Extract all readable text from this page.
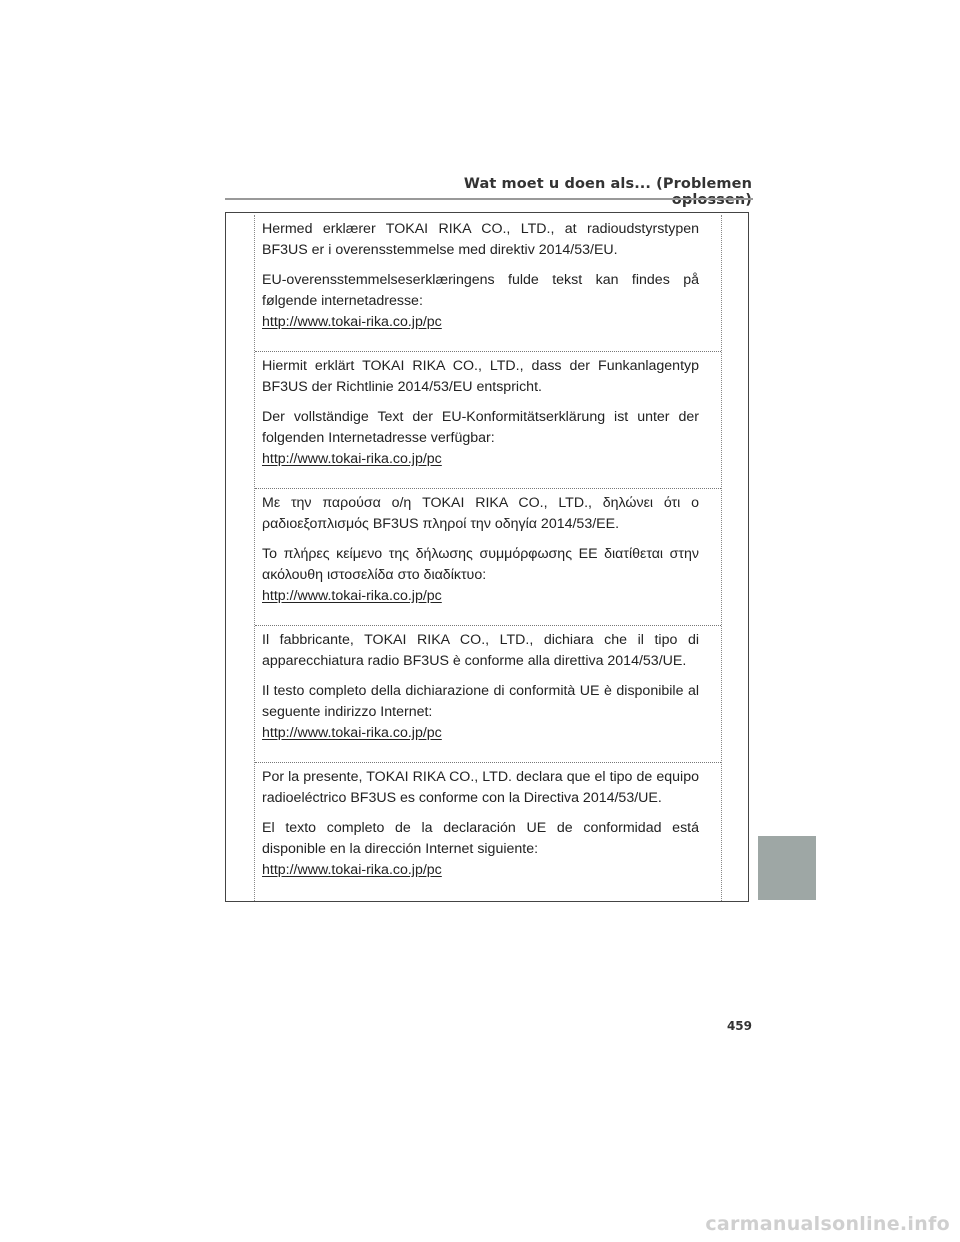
Wat moet u doen als... (Problemen oplossen)

Hermed erklærer TOKAI RIKA CO., LTD., at radioudstyrstypen BF3US er i overensstemmelse med direktiv 2014/53/EU.

EU-overensstemmelseserklæringens fulde tekst kan findes på følgende internetadresse:

http://www.tokai-rika.co.jp/pc

Hiermit erklärt TOKAI RIKA CO., LTD., dass der Funkanlagentyp BF3US der Richtlinie 2014/53/EU entspricht.

Der vollständige Text der EU-Konformitätserklärung ist unter der folgenden Internetadresse verfügbar:

http://www.tokai-rika.co.jp/pc

Με την παρούσα ο/η TOKAI RIKA CO., LTD., δηλώνει ότι ο ραδιοεξοπλισμός BF3US πληροί την οδηγία 2014/53/ΕΕ.

Το πλήρες κείμενο της δήλωσης συμμόρφωσης ΕΕ διατίθεται στην ακόλουθη ιστοσελίδα στο διαδίκτυο:

http://www.tokai-rika.co.jp/pc

Il fabbricante, TOKAI RIKA CO., LTD., dichiara che il tipo di apparecchiatura radio BF3US è conforme alla direttiva 2014/53/UE.

Il testo completo della dichiarazione di conformità UE è disponibile al seguente indirizzo Internet:

http://www.tokai-rika.co.jp/pc

Por la presente, TOKAI RIKA CO., LTD. declara que el tipo de equipo radioeléctrico BF3US es conforme con la Directiva 2014/53/UE.

El texto completo de la declaración UE de conformidad está disponible en la dirección Internet siguiente:

http://www.tokai-rika.co.jp/pc
459
carmanualsonline.info
